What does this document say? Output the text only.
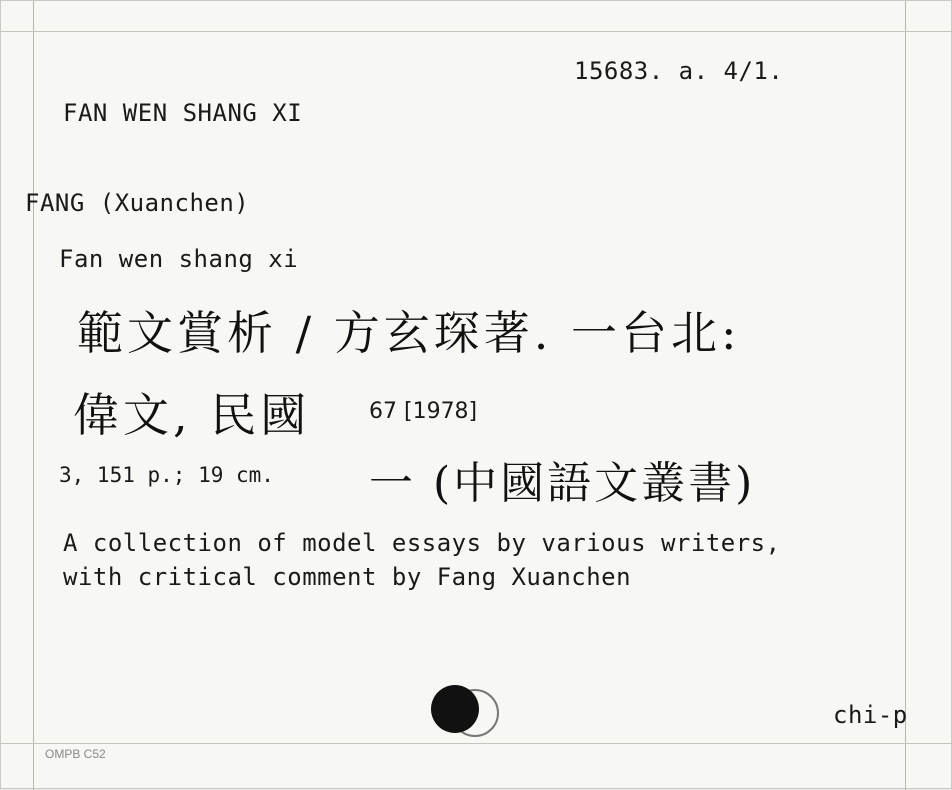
15683. a. 4/1.
FAN WEN SHANG XI
FANG (Xuanchen)
Fan wen shang xi
範文賞析 / 方玄琛著. 一台北:
偉文, 民國	67 [1978]
3, 151 p.; 19 cm. 一 (中國語文叢書)
A collection of model essays by various writers,
with critical comment by Fang Xuanchen
chi-p
OMPB C52
